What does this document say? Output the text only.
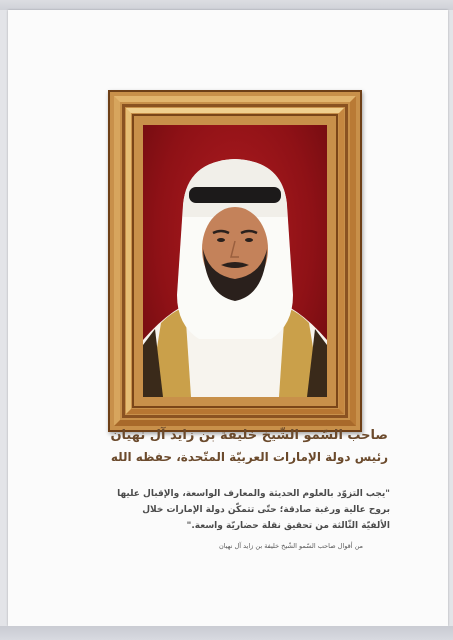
صاحب السّمو الشّيخ خليفة بن زايد آل نهيان
رئيس دولة الإمارات العربيّة المتّحدة، حفظه الله
"يجب التزوّد بالعلوم الحديثة والمعارف الواسعة، والإقبال عليها
بروح عالية ورغبة صادقة؛ حتّى تتمكّن دولة الإمارات خلال
الألفيّة الثّالثة من تحقيق نقلة حضاريّة واسعة."
من أقوال صاحب السّمو الشّيخ خليفة بن زايد آل نهيان
